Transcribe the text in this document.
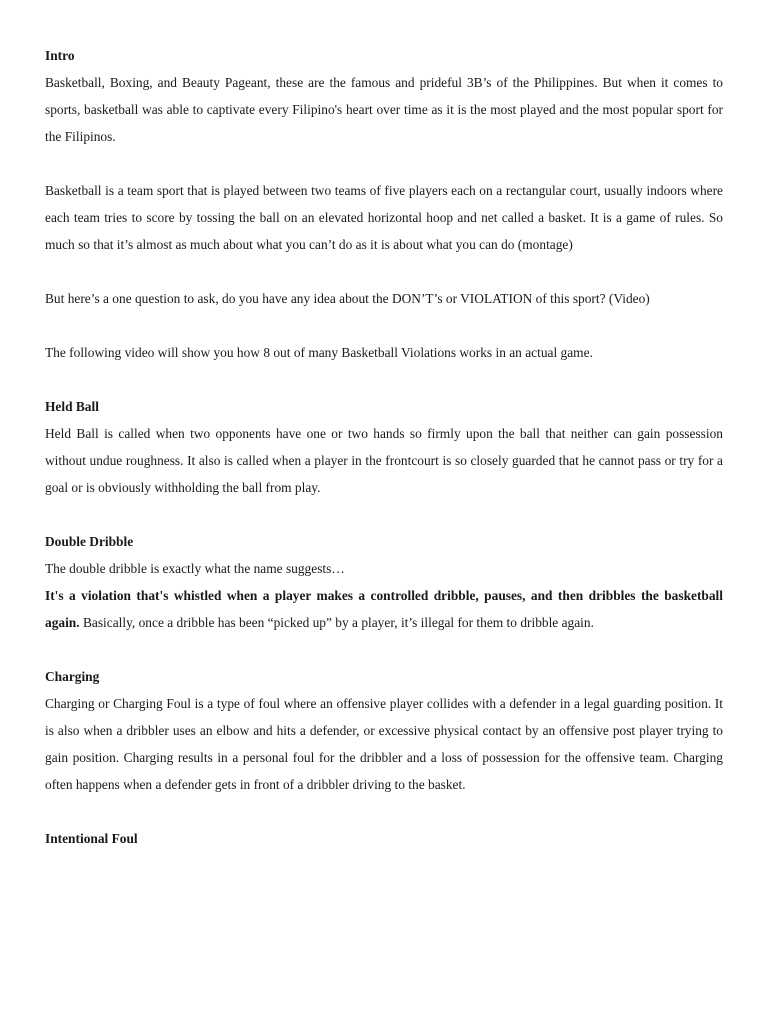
Intro

Basketball, Boxing, and Beauty Pageant, these are the famous and prideful 3B’s of the Philippines. But when it comes to sports, basketball was able to captivate every Filipino's heart over time as it is the most played and the most popular sport for the Filipinos.

Basketball is a team sport that is played between two teams of five players each on a rectangular court, usually indoors where each team tries to score by tossing the ball on an elevated horizontal hoop and net called a basket. It is a game of rules. So much so that it’s almost as much about what you can’t do as it is about what you can do (montage)

But here’s a one question to ask, do you have any idea about the DON’T’s or VIOLATION of this sport? (Video)

The following video will show you how 8 out of many Basketball Violations works in an actual game.

Held Ball

Held Ball is called when two opponents have one or two hands so firmly upon the ball that neither can gain possession without undue roughness. It also is called when a player in the frontcourt is so closely guarded that he cannot pass or try for a goal or is obviously withholding the ball from play.

Double Dribble

The double dribble is exactly what the name suggests…

It's a violation that's whistled when a player makes a controlled dribble, pauses, and then dribbles the basketball again. Basically, once a dribble has been “picked up” by a player, it’s illegal for them to dribble again.

Charging

Charging or Charging Foul is a type of foul where an offensive player collides with a defender in a legal guarding position. It is also when a dribbler uses an elbow and hits a defender, or excessive physical contact by an offensive post player trying to gain position. Charging results in a personal foul for the dribbler and a loss of possession for the offensive team. Charging often happens when a defender gets in front of a dribbler driving to the basket.

Intentional Foul
